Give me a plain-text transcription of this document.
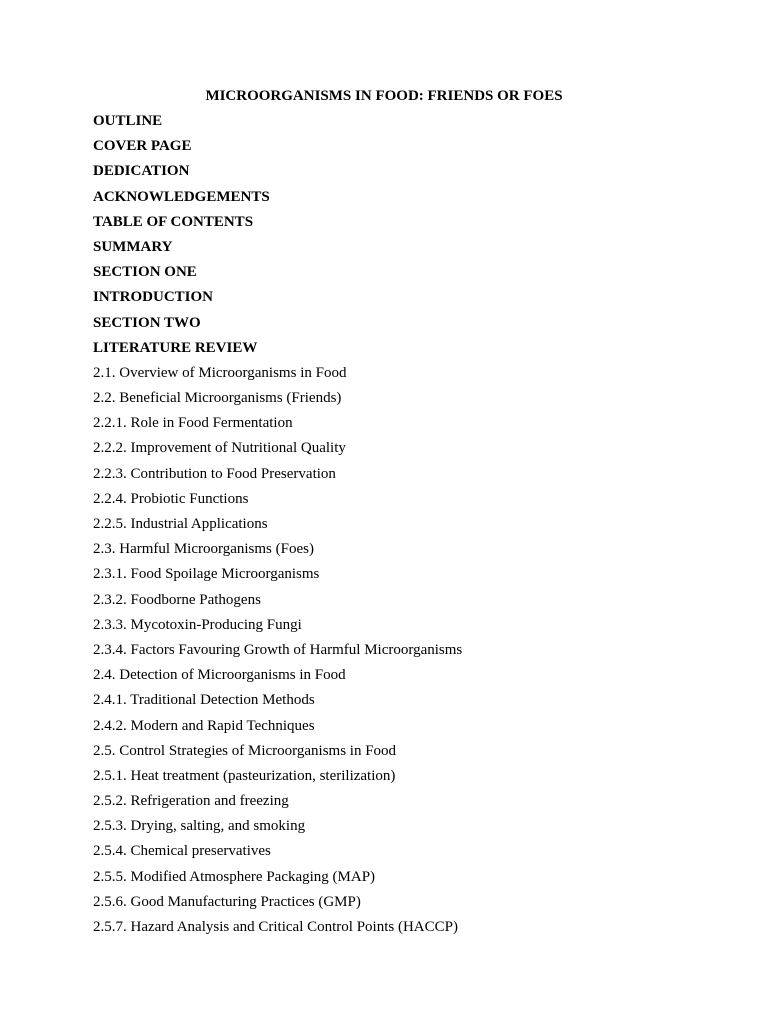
MICROORGANISMS IN FOOD: FRIENDS OR FOES
OUTLINE
COVER PAGE
DEDICATION
ACKNOWLEDGEMENTS
TABLE OF CONTENTS
SUMMARY
SECTION ONE
INTRODUCTION
SECTION TWO
LITERATURE REVIEW
2.1. Overview of Microorganisms in Food
2.2. Beneficial Microorganisms (Friends)
2.2.1. Role in Food Fermentation
2.2.2. Improvement of Nutritional Quality
2.2.3. Contribution to Food Preservation
2.2.4. Probiotic Functions
2.2.5. Industrial Applications
2.3. Harmful Microorganisms (Foes)
2.3.1. Food Spoilage Microorganisms
2.3.2. Foodborne Pathogens
2.3.3. Mycotoxin-Producing Fungi
2.3.4. Factors Favouring Growth of Harmful Microorganisms
2.4. Detection of Microorganisms in Food
2.4.1. Traditional Detection Methods
2.4.2. Modern and Rapid Techniques
2.5. Control Strategies of Microorganisms in Food
2.5.1. Heat treatment (pasteurization, sterilization)
2.5.2. Refrigeration and freezing
2.5.3. Drying, salting, and smoking
2.5.4. Chemical preservatives
2.5.5. Modified Atmosphere Packaging (MAP)
2.5.6. Good Manufacturing Practices (GMP)
2.5.7. Hazard Analysis and Critical Control Points (HACCP)
